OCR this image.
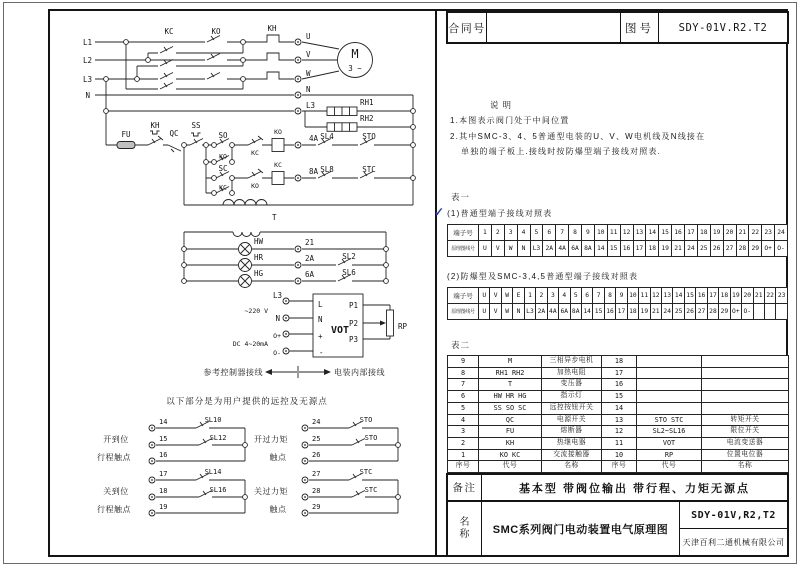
L1
L2
L3
N
KC	KO	KH
U
V
W
N
M
3 ~
L3	RH1
RH2
FU
KH
QC
SS
SO
KO	KC
KO
4A SL4	STO
SC
KC	KO
KC
8A SL8	STC
T
HW
HR
HG
21
2A
6A
SL2
SL6
L3
~220 V
N
O+
DC 4~20mA
O-
L
N
+
-
VOT
P1
P2
P3
RP
参考控制器接线	电装内部接线
以下部分是为用户提供的远控及无源点
开到位
行程触点
关到位
行程触点
开过力矩
触点
关过力矩
触点
14
15
16
17
18
19
24
25
26
27
28
29
SL10
SL12
SL14
SL16
STO
STO
STC
STC
合同号	图号	SDY-01V.R2.T2
说明
1.本图表示阀门处于中间位置
2.其中SMC-3、4、5普通型电装的U、V、W电机线及N线接在
单独的端子板上.接线时按防爆型端子接线对照表.
表一
✓ (1)普通型端子接线对照表
端子号	1	2	3	4	5	6	7	8	9	10	11	12	13	14	15	16	17	18	19	20	21	22	23	24
原理图线号	U	V	W	N	L3	2A	4A	6A	8A	14	15	16	17	18	19	21	24	25	26	27	28	29	O+	O-
(2)防爆型及SMC-3,4,5普通型端子接线对照表
端子号	U	V	W	E	1	2	3	4	5	6	7	8	9	10	11	12	13	14	15	16	17	18	19	20	21	22	23
原理图线号	U	V	W	N	L3	2A	4A	6A	8A	14	15	16	17	18	19	21	24	25	26	27	28	29	O+	O-			
表二
9	M	三相异步电机	18		
8	RH1 RH2	加热电阻	17		
7	T	变压器	16		
6	HW HR HG	指示灯	15		
5	SS SO SC	远控按钮开关	14		
4	QC	电源开关	13	STO STC	转矩开关
3	FU	熔断器	12	SL2~SL16	限位开关
2	KH	热继电器	11	VOT	电流变送器
1	KO KC	交流接触器	10	RP	位置电位器
序号	代号	名称	序号	代号	名称
备注	基本型 带阀位输出 带行程、力矩无源点
名
称	SMC系列阀门电动装置电气原理图
SDY-01V,R2,T2
天津百利二通机械有限公司
